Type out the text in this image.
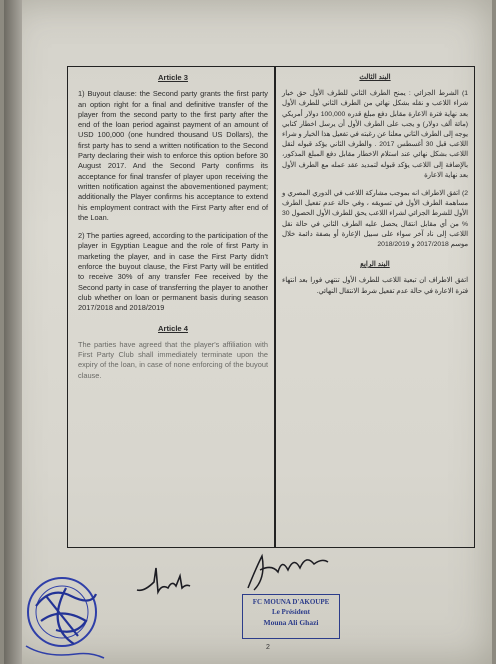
Article 3
1) Buyout clause: the Second party grants the first party an option right for a final and definitive transfer of the player from the second party to the first party after the end of the loan period against payment of an amount of USD 100,000 (one hundred thousand US Dollars), the first party has to send a written notification to the Second Party declaring their wish to enforce this option before 30 August 2017. And the Second Party confirms its acceptance for final transfer of player upon receiving the written notification against the abovementioned payment; additionally the Player confirms his acceptance to extend his employment contract with the First Party after end of the Loan.
2) The parties agreed, according to the participation of the player in Egyptian League and the role of first Party in marketing the player, and in case the First Party didn't enforce the buyout clause, the First Party will be entitled to receive 30% of any transfer Fee received by the Second party in case of transferring the player to another club whether on loan or permanent basis during season 2017/2018 and 2018/2019
Article 4
The parties have agreed that the player's affiliation with First Party Club shall immediately terminate upon the expiry of the loan, in case of none enforcing of the buyout clause.
البند الثالث
1) الشرط الجزائي : يمنح الطرف الثاني للطرف الأول حق خيار شراء اللاعب و نقله بشكل نهائي من الطرف الثاني للطرف الأول بعد نهاية فترة الاعارة مقابل دفع مبلغ قدره 100,000 دولار أمريكي (مائة ألف دولار) و يجب على الطرف الأول أن يرسل اخطار كتابي يوجه إلى الطرف الثاني معلنا عن رغبته في تفعيل هذا الخيار و شراء اللاعب قبل 30 أغسطس 2017 . والطرف الثاني يؤكد قبوله لنقل اللاعب بشكل نهائي عند استلام الاخطار مقابل دفع المبلغ المذكور، بالإضافة إلى اللاعب يؤكد قبوله لتمديد عقد عمله مع الطرف الأول بعد نهاية الاعارة
2) اتفق الاطراف انه بموجب مشاركة اللاعب في الدوري المصري و مساهمة الطرف الأول في تسويقه ، وفي حالة عدم تفعيل الطرف الأول للشرط الجزائي لشراء اللاعب يحق للطرف الأول الحصول 30 % من أي مقابل انتقال يحصل عليه الطرف الثاني في حالة نقل اللاعب إلى ناد آخر سواء على سبيل الإعارة أو بصفة دائمة خلال موسم 2017/2018 و 2018/2019
البند الرابع
اتفق الاطراف ان تبعية اللاعب للطرف الأول تنتهي فورا بعد انتهاء فترة الاعارة في حالة عدم تفعيل شرط الانتقال النهائي.
FC MOUNA D'AKOUPE
Le Président
Mouna Ali Ghazi
2
